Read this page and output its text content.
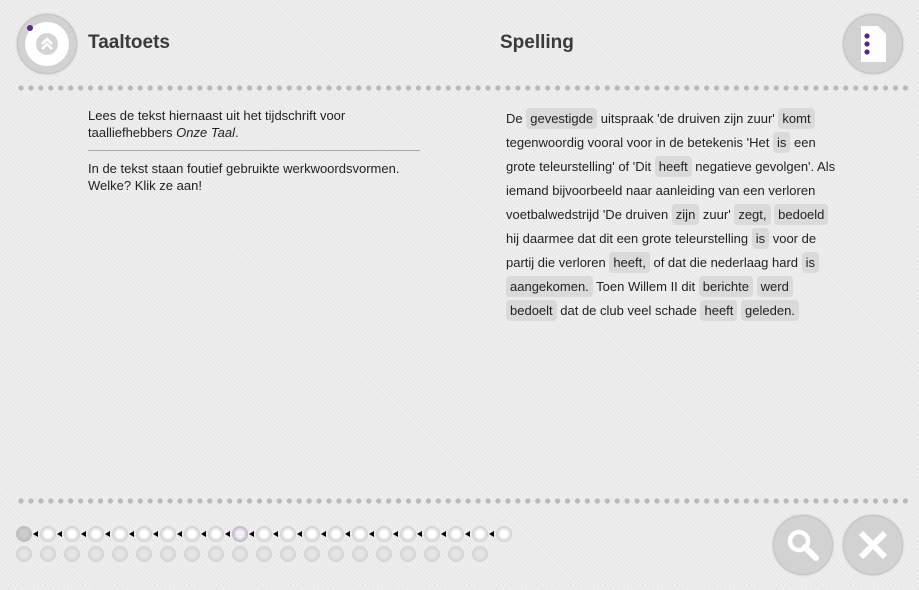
Taaltoets	Spelling

Lees de tekst hiernaast uit het tijdschrift voor taalliefhebbers Onze Taal.

In de tekst staan foutief gebruikte werkwoordsvormen. Welke? Klik ze aan!

De gevestigde uitspraak 'de druiven zijn zuur' komt tegenwoordig vooral voor in de betekenis 'Het is een grote teleurstelling' of 'Dit heeft negatieve gevolgen'. Als iemand bijvoorbeeld naar aanleiding van een verloren voetbalwedstrijd 'De druiven zijn zuur' zegt, bedoeld hij daarmee dat dit een grote teleurstelling is voor de partij die verloren heeft, of dat die nederlaag hard is aangekomen. Toen Willem II dit berichte werd bedoelt dat de club veel schade heeft geleden.
